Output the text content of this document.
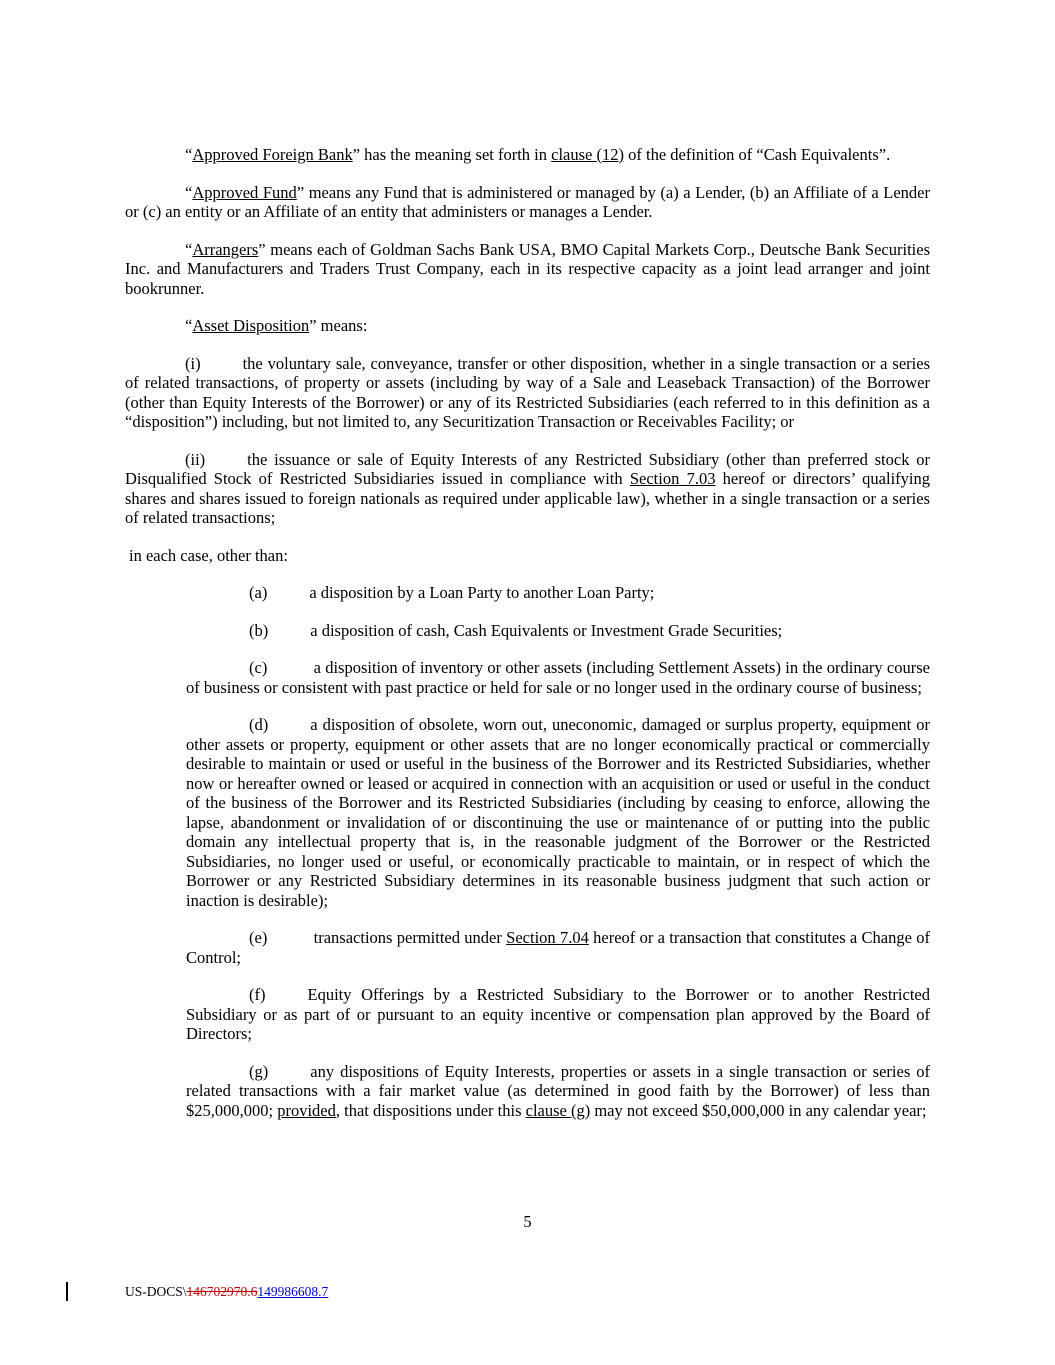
“Approved Foreign Bank” has the meaning set forth in clause (12) of the definition of “Cash Equivalents”.

“Approved Fund” means any Fund that is administered or managed by (a) a Lender, (b) an Affiliate of a Lender or (c) an entity or an Affiliate of an entity that administers or manages a Lender.

“Arrangers” means each of Goldman Sachs Bank USA, BMO Capital Markets Corp., Deutsche Bank Securities Inc. and Manufacturers and Traders Trust Company, each in its respective capacity as a joint lead arranger and joint bookrunner.

“Asset Disposition” means:

(i)	the voluntary sale, conveyance, transfer or other disposition, whether in a single transaction or a series of related transactions, of property or assets (including by way of a Sale and Leaseback Transaction) of the Borrower (other than Equity Interests of the Borrower) or any of its Restricted Subsidiaries (each referred to in this definition as a “disposition”) including, but not limited to, any Securitization Transaction or Receivables Facility; or

(ii)	the issuance or sale of Equity Interests of any Restricted Subsidiary (other than preferred stock or Disqualified Stock of Restricted Subsidiaries issued in compliance with Section 7.03 hereof or directors’ qualifying shares and shares issued to foreign nationals as required under applicable law), whether in a single transaction or a series of related transactions;

in each case, other than:

(a)	a disposition by a Loan Party to another Loan Party;

(b)	a disposition of cash, Cash Equivalents or Investment Grade Securities;

(c)	a disposition of inventory or other assets (including Settlement Assets) in the ordinary course of business or consistent with past practice or held for sale or no longer used in the ordinary course of business;

(d)	a disposition of obsolete, worn out, uneconomic, damaged or surplus property, equipment or other assets or property, equipment or other assets that are no longer economically practical or commercially desirable to maintain or used or useful in the business of the Borrower and its Restricted Subsidiaries, whether now or hereafter owned or leased or acquired in connection with an acquisition or used or useful in the conduct of the business of the Borrower and its Restricted Subsidiaries (including by ceasing to enforce, allowing the lapse, abandonment or invalidation of or discontinuing the use or maintenance of or putting into the public domain any intellectual property that is, in the reasonable judgment of the Borrower or the Restricted Subsidiaries, no longer used or useful, or economically practicable to maintain, or in respect of which the Borrower or any Restricted Subsidiary determines in its reasonable business judgment that such action or inaction is desirable);

(e)	transactions permitted under Section 7.04 hereof or a transaction that constitutes a Change of Control;

(f)	Equity Offerings by a Restricted Subsidiary to the Borrower or to another Restricted Subsidiary or as part of or pursuant to an equity incentive or compensation plan approved by the Board of Directors;

(g)	any dispositions of Equity Interests, properties or assets in a single transaction or series of related transactions with a fair market value (as determined in good faith by the Borrower) of less than $25,000,000; provided, that dispositions under this clause (g) may not exceed $50,000,000 in any calendar year;

5
US-DOCS\146702970.6149986608.7
